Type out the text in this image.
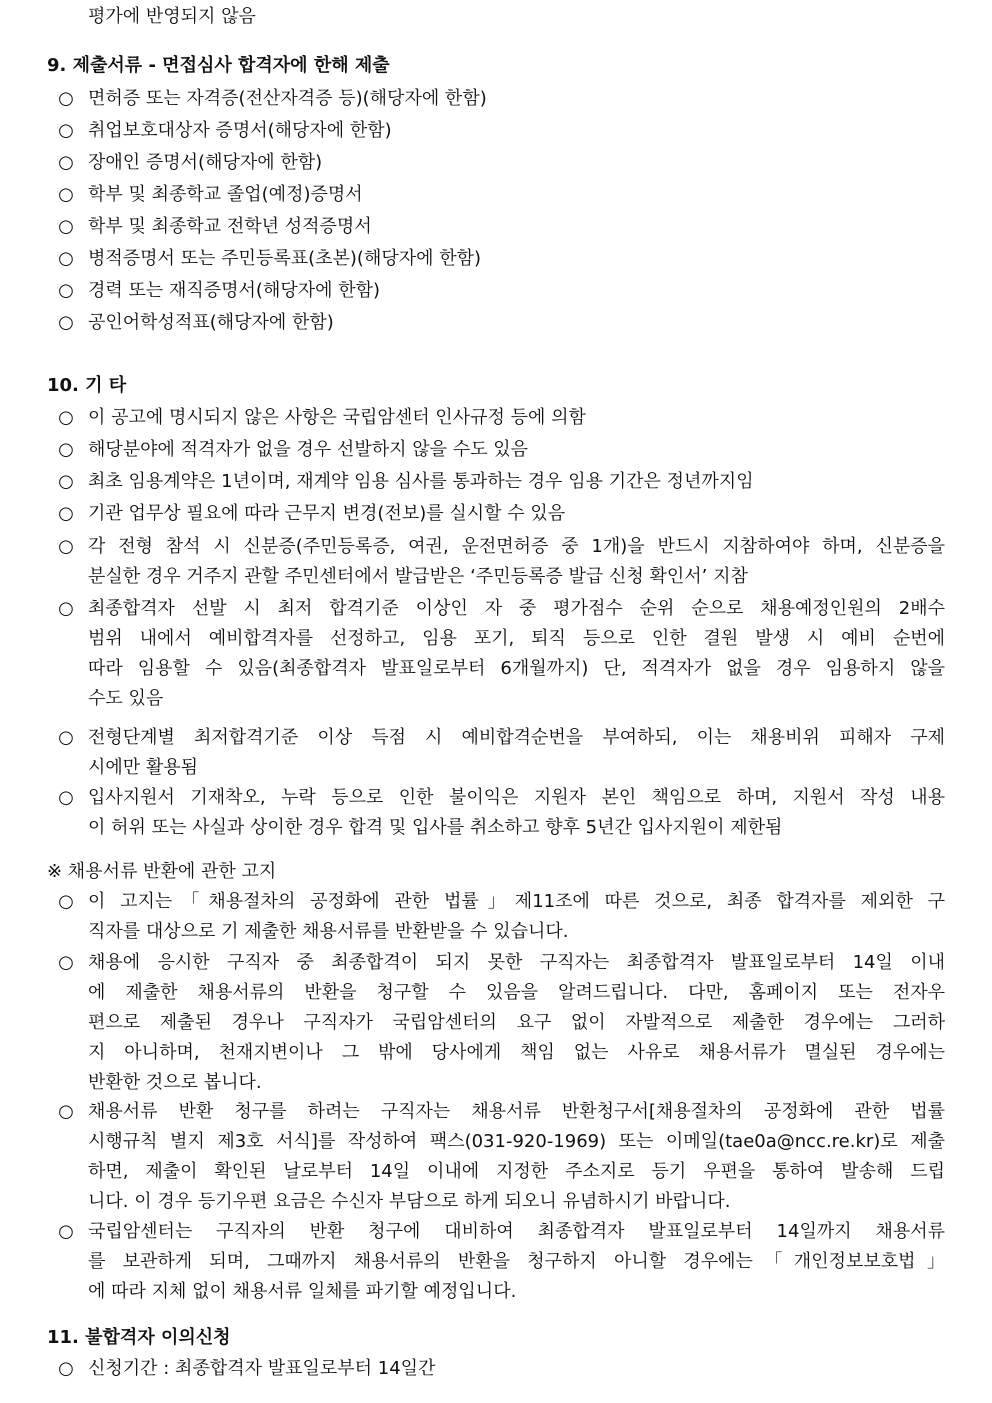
평가에 반영되지 않음
9. 제출서류 - 면접심사 합격자에 한해 제출
○ 면허증 또는 자격증(전산자격증 등)(해당자에 한함)
○ 취업보호대상자 증명서(해당자에 한함)
○ 장애인 증명서(해당자에 한함)
○ 학부 및 최종학교 졸업(예정)증명서
○ 학부 및 최종학교 전학년 성적증명서
○ 병적증명서 또는 주민등록표(초본)(해당자에 한함)
○ 경력 또는 재직증명서(해당자에 한함)
○ 공인어학성적표(해당자에 한함)
10. 기 타
○ 이 공고에 명시되지 않은 사항은 국립암센터 인사규정 등에 의함
○ 해당분야에 적격자가 없을 경우 선발하지 않을 수도 있음
○ 최초 임용계약은 1년이며, 재계약 임용 심사를 통과하는 경우 임용 기간은 정년까지임
○ 기관 업무상 필요에 따라 근무지 변경(전보)를 실시할 수 있음
○ 각 전형 참석 시 신분증(주민등록증, 여권, 운전면허증 중 1개)을 반드시 지참하여야 하며, 신분증을
분실한 경우 거주지 관할 주민센터에서 발급받은 ‘주민등록증 발급 신청 확인서’ 지참
○ 최종합격자 선발 시 최저 합격기준 이상인 자 중 평가점수 순위 순으로 채용예정인원의 2배수
범위 내에서 예비합격자를 선정하고, 임용 포기, 퇴직 등으로 인한 결원 발생 시 예비 순번에
따라 임용할 수 있음(최종합격자 발표일로부터 6개월까지) 단, 적격자가 없을 경우 임용하지 않을
수도 있음
○ 전형단계별 최저합격기준 이상 득점 시 예비합격순번을 부여하되, 이는 채용비위 피해자 구제
시에만 활용됨
○ 입사지원서 기재착오, 누락 등으로 인한 불이익은 지원자 본인 책임으로 하며, 지원서 작성 내용
이 허위 또는 사실과 상이한 경우 합격 및 입사를 취소하고 향후 5년간 입사지원이 제한됨
※ 채용서류 반환에 관한 고지
○ 이 고지는「채용절차의 공정화에 관한 법률」제11조에 따른 것으로, 최종 합격자를 제외한 구
직자를 대상으로 기 제출한 채용서류를 반환받을 수 있습니다.
○ 채용에 응시한 구직자 중 최종합격이 되지 못한 구직자는 최종합격자 발표일로부터 14일 이내
에 제출한 채용서류의 반환을 청구할 수 있음을 알려드립니다. 다만, 홈페이지 또는 전자우
편으로 제출된 경우나 구직자가 국립암센터의 요구 없이 자발적으로 제출한 경우에는 그러하
지 아니하며, 천재지변이나 그 밖에 당사에게 책임 없는 사유로 채용서류가 멸실된 경우에는
반환한 것으로 봅니다.
○ 채용서류 반환 청구를 하려는 구직자는 채용서류 반환청구서[채용절차의 공정화에 관한 법률
시행규칙 별지 제3호 서식]를 작성하여 팩스(031-920-1969) 또는 이메일(tae0a@ncc.re.kr)로 제출
하면, 제출이 확인된 날로부터 14일 이내에 지정한 주소지로 등기 우편을 통하여 발송해 드립
니다. 이 경우 등기우편 요금은 수신자 부담으로 하게 되오니 유념하시기 바랍니다.
○ 국립암센터는 구직자의 반환 청구에 대비하여 최종합격자 발표일로부터 14일까지 채용서류
를 보관하게 되며, 그때까지 채용서류의 반환을 청구하지 아니할 경우에는「개인정보보호법」
에 따라 지체 없이 채용서류 일체를 파기할 예정입니다.
11. 불합격자 이의신청
○ 신청기간 : 최종합격자 발표일로부터 14일간
